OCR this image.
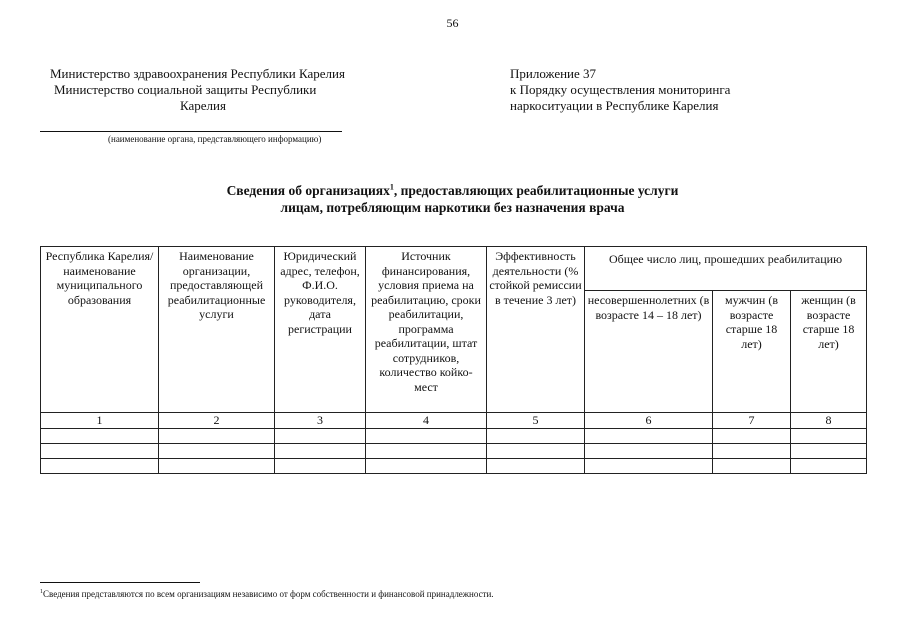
56
Министерство здравоохранения Республики Карелия
Министерство социальной защиты Республики
Карелия
Приложение 37
к Порядку осуществления мониторинга
наркоситуации в Республике Карелия
(наименование органа, представляющего информацию)
Сведения об организациях$^1$, предоставляющих реабилитационные услуги
лицам, потребляющим наркотики без назначения врача
Республика Карелия/ наименование муниципального образования	Наименование организации, предоставляющей реабилитационные услуги	Юридический адрес, телефон, Ф.И.О. руководителя, дата регистрации	Источник финансирования, условия приема на реабилитацию, сроки реабилитации, программа реабилитации, штат сотрудников, количество койко-мест	Эффективность деятельности (% стойкой ремиссии в течение 3 лет)	Общее число лиц, прошедших реабилитацию		
					несовершеннолетних (в возрасте 14 – 18 лет)	мужчин (в возрасте старше 18 лет)	женщин (в возрасте старше 18 лет)
1	2	3	4	5	6	7	8

$^1$Сведения представляются по всем организациям независимо от форм собственности и финансовой принадлежности.
